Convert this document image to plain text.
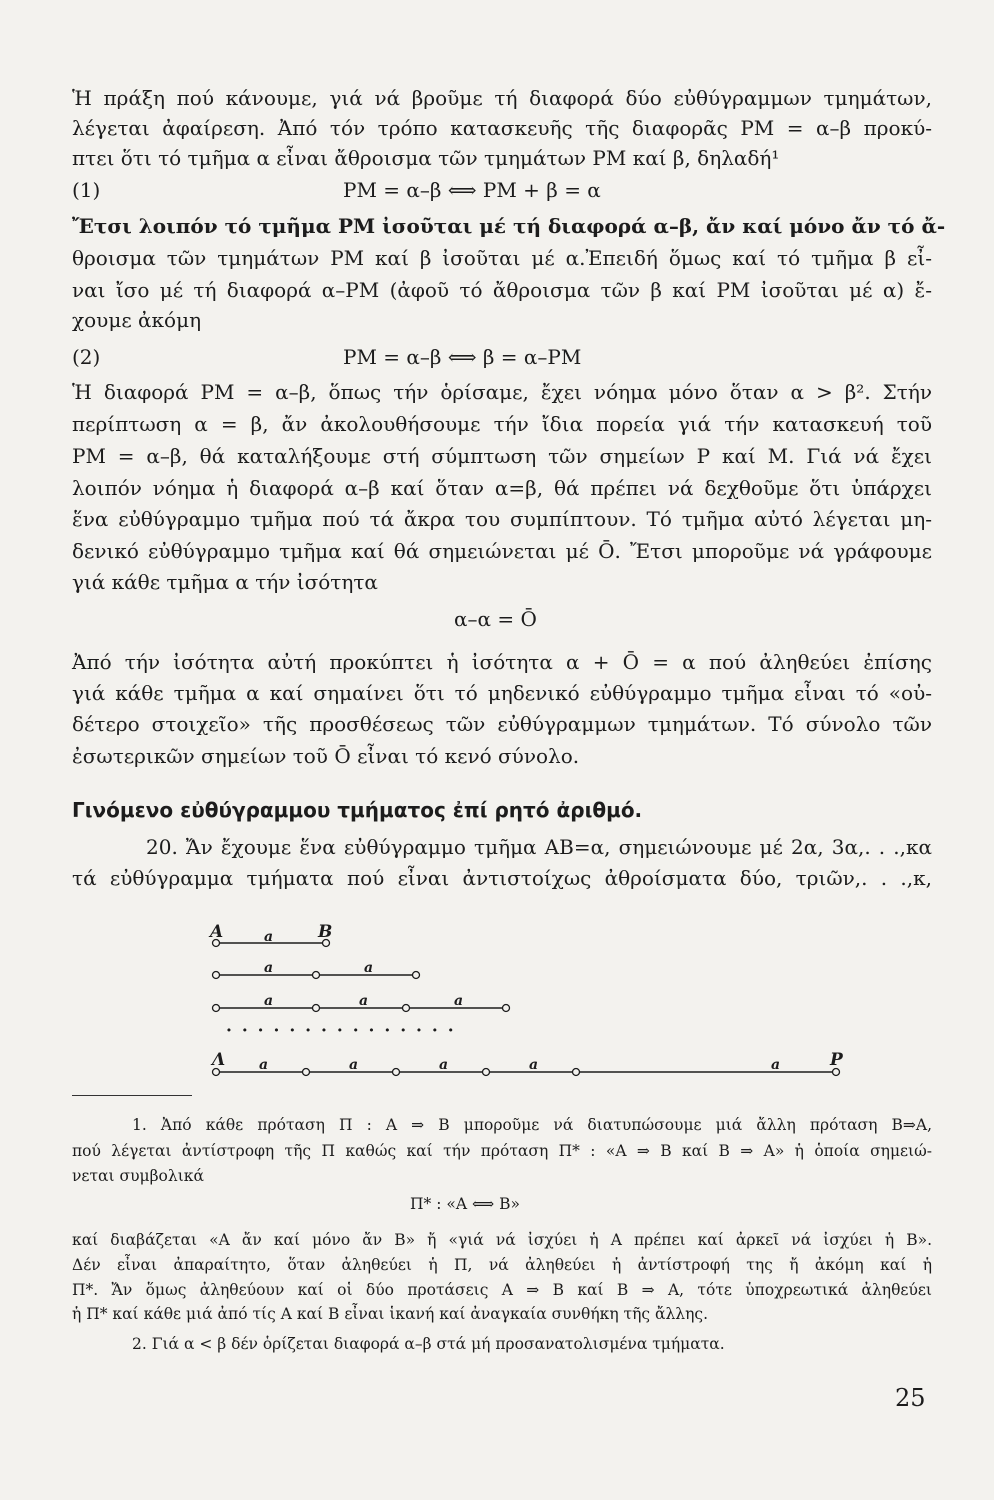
Ἡ πράξη πού κάνουμε, γιά νά βροῦμε τή διαφορά δύο εὐθύγραμμων τμημάτων,
λέγεται ἀφαίρεση. Ἀπό τόν τρόπο κατασκευῆς τῆς διαφορᾶς ΡΜ = α–β προκύ-
πτει ὅτι τό τμῆμα α εἶναι ἄθροισμα τῶν τμημάτων ΡΜ καί β, δηλαδή¹
(1)	ΡΜ = α–β ⟺ ΡΜ + β = α
Ἔτσι λοιπόν τό τμῆμα ΡΜ ἰσοῦται μέ τή διαφορά α–β, ἄν καί μόνο ἄν τό ἄ-
θροισμα τῶν τμημάτων ΡΜ καί β ἰσοῦται μέ α.Ἐπειδή ὅμως καί τό τμῆμα β εἶ-
ναι ἴσο μέ τή διαφορά α–ΡΜ (ἀφοῦ τό ἄθροισμα τῶν β καί ΡΜ ἰσοῦται μέ α) ἔ-
χουμε ἀκόμη
(2)	ΡΜ = α–β ⟺ β = α–ΡΜ
Ἡ διαφορά ΡΜ = α–β, ὅπως τήν ὁρίσαμε, ἔχει νόημα μόνο ὅταν α > β². Στήν
περίπτωση α = β, ἄν ἀκολουθήσουμε τήν ἴδια πορεία γιά τήν κατασκευή τοῦ
ΡΜ = α–β, θά καταλήξουμε στή σύμπτωση τῶν σημείων Ρ καί Μ. Γιά νά ἔχει
λοιπόν νόημα ἡ διαφορά α–β καί ὅταν α=β, θά πρέπει νά δεχθοῦμε ὅτι ὑπάρχει
ἕνα εὐθύγραμμο τμῆμα πού τά ἄκρα του συμπίπτουν. Τό τμῆμα αὐτό λέγεται μη-
δενικό εὐθύγραμμο τμῆμα καί θά σημειώνεται μέ Ō. Ἔτσι μποροῦμε νά γράφουμε
γιά κάθε τμῆμα α τήν ἰσότητα
α–α = Ō
Ἀπό τήν ἰσότητα αὐτή προκύπτει ἡ ἰσότητα α + Ō = α πού ἀληθεύει ἐπίσης
γιά κάθε τμῆμα α καί σημαίνει ὅτι τό μηδενικό εὐθύγραμμο τμῆμα εἶναι τό «οὐ-
δέτερο στοιχεῖο» τῆς προσθέσεως τῶν εὐθύγραμμων τμημάτων. Τό σύνολο τῶν
ἐσωτερικῶν σημείων τοῦ Ō εἶναι τό κενό σύνολο.
Γινόμενο εὐθύγραμμου τμήματος ἐπί ρητό ἀριθμό.
20. Ἄν ἔχουμε ἕνα εὐθύγραμμο τμῆμα ΑΒ=α, σημειώνουμε μέ 2α, 3α,. . .,κα
τά εὐθύγραμμα τμήματα πού εἶναι ἀντιστοίχως ἀθροίσματα δύο, τριῶν,. . .,κ,
A	a	B
a	a
a	a	a
· · · · · · · · · · · · · · ·
Λ a	a	a	a	a	P
1. Ἀπό κάθε πρόταση Π : Α ⇒ Β μποροῦμε νά διατυπώσουμε μιά ἄλλη πρόταση Β⇒Α,
πού λέγεται ἀντίστροφη τῆς Π καθώς καί τήν πρόταση Π* : «Α ⇒ Β καί Β ⇒ Α» ἡ ὁποία σημειώ-
νεται συμβολικά
Π* : «Α ⟺ Β»
καί διαβάζεται «Α ἄν καί μόνο ἄν Β» ἤ «γιά νά ἰσχύει ἡ Α πρέπει καί ἀρκεῖ νά ἰσχύει ἡ Β».
Δέν εἶναι ἀπαραίτητο, ὅταν ἀληθεύει ἡ Π, νά ἀληθεύει ἡ ἀντίστροφή της ἤ ἀκόμη καί ἡ
Π*. Ἄν ὅμως ἀληθεύουν καί οἱ δύο προτάσεις Α ⇒ Β καί Β ⇒ Α, τότε ὑποχρεωτικά ἀληθεύει
ἡ Π* καί κάθε μιά ἀπό τίς Α καί Β εἶναι ἱκανή καί ἀναγκαία συνθήκη τῆς ἄλλης.
2. Γιά α < β δέν ὁρίζεται διαφορά α–β στά μή προσανατολισμένα τμήματα.
25
